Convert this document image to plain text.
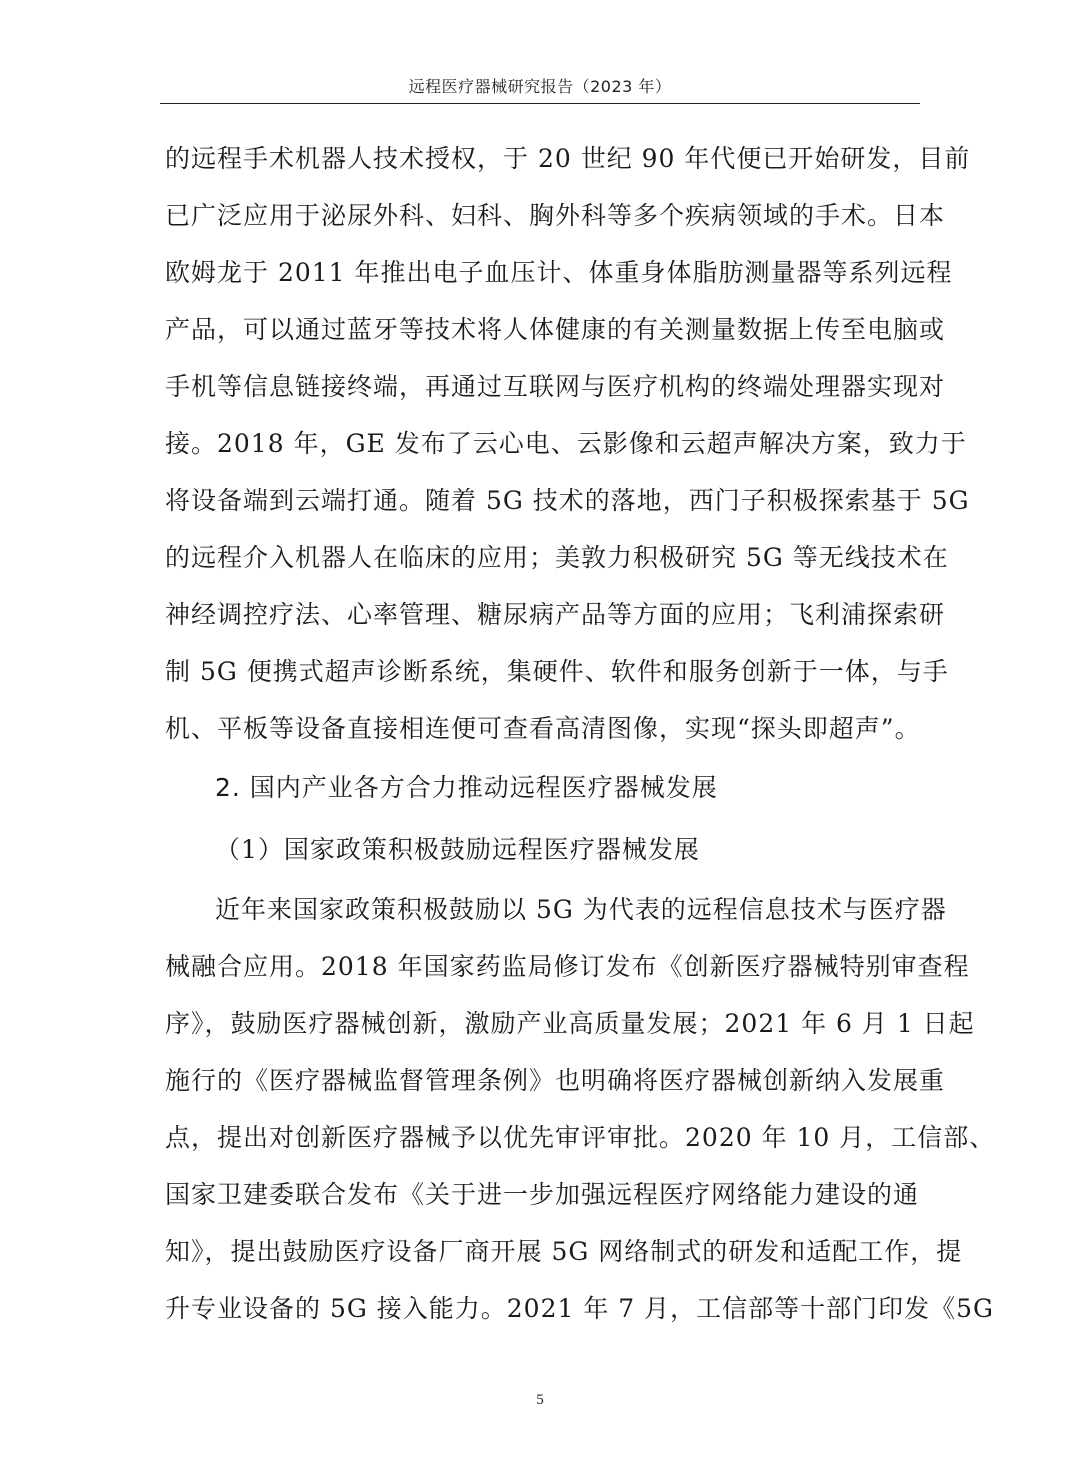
远程医疗器械研究报告（2023 年）
的远程手术机器人技术授权，于 20 世纪 90 年代便已开始研发，目前
已广泛应用于泌尿外科、妇科、胸外科等多个疾病领域的手术。日本
欧姆龙于 2011 年推出电子血压计、体重身体脂肪测量器等系列远程
产品，可以通过蓝牙等技术将人体健康的有关测量数据上传至电脑或
手机等信息链接终端，再通过互联网与医疗机构的终端处理器实现对
接。2018 年，GE 发布了云心电、云影像和云超声解决方案，致力于
将设备端到云端打通。随着 5G 技术的落地，西门子积极探索基于 5G
的远程介入机器人在临床的应用；美敦力积极研究 5G 等无线技术在
神经调控疗法、心率管理、糖尿病产品等方面的应用；飞利浦探索研
制 5G 便携式超声诊断系统，集硬件、软件和服务创新于一体，与手
机、平板等设备直接相连便可查看高清图像，实现“探头即超声”。
2. 国内产业各方合力推动远程医疗器械发展
（1）国家政策积极鼓励远程医疗器械发展
近年来国家政策积极鼓励以 5G 为代表的远程信息技术与医疗器
械融合应用。2018 年国家药监局修订发布《创新医疗器械特别审查程
序》，鼓励医疗器械创新，激励产业高质量发展；2021 年 6 月 1 日起
施行的《医疗器械监督管理条例》也明确将医疗器械创新纳入发展重
点，提出对创新医疗器械予以优先审评审批。2020 年 10 月，工信部、
国家卫建委联合发布《关于进一步加强远程医疗网络能力建设的通
知》，提出鼓励医疗设备厂商开展 5G 网络制式的研发和适配工作，提
升专业设备的 5G 接入能力。2021 年 7 月，工信部等十部门印发《5G
5
